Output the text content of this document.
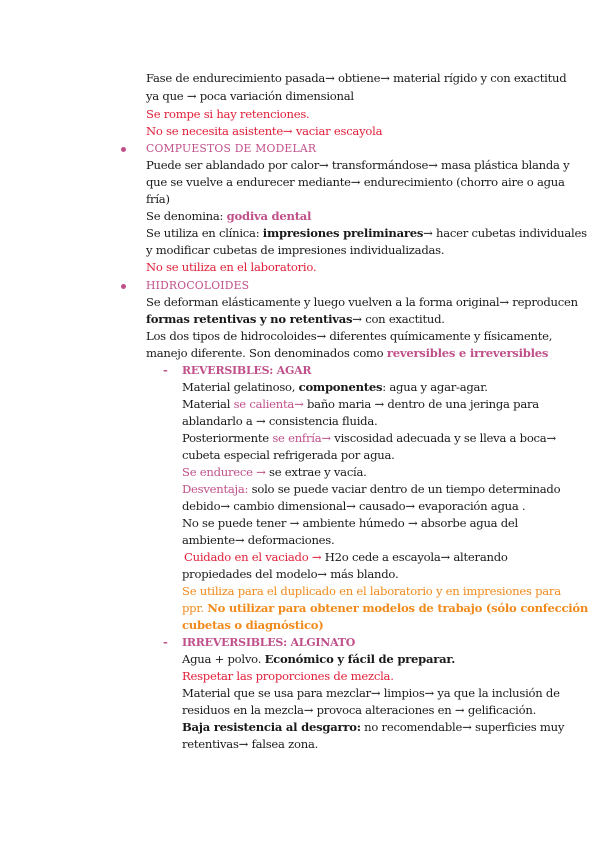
Fase de endurecimiento pasada→ obtiene→ material rígido y con exactitud
ya que → poca variación dimensional
Se rompe si hay retenciones.
No se necesita asistente→ vaciar escayola
COMPUESTOS DE MODELAR
Puede ser ablandado por calor→ transformándose→ masa plástica blanda y
que se vuelve a endurecer mediante→ endurecimiento (chorro aire o agua
fría)
Se denomina: godiva dental
Se utiliza en clínica: impresiones preliminares→ hacer cubetas individuales
y modificar cubetas de impresiones individualizadas.
No se utiliza en el laboratorio.
HIDROCOLOIDES
Se deforman elásticamente y luego vuelven a la forma original→ reproducen
formas retentivas y no retentivas→ con exactitud.
Los dos tipos de hidrocoloides→ diferentes químicamente y físicamente,
manejo diferente. Son denominados como reversibles e irreversibles
- REVERSIBLES: AGAR
Material gelatinoso, componentes: agua y agar-agar.
Material se calienta→ baño maria → dentro de una jeringa para
ablandarlo a → consistencia fluida.
Posteriormente se enfría→ viscosidad adecuada y se lleva a boca→
cubeta especial refrigerada por agua.
Se endurece → se extrae y vacía.
Desventaja: solo se puede vaciar dentro de un tiempo determinado
debido→ cambio dimensional→ causado→ evaporación agua .
No se puede tener → ambiente húmedo → absorbe agua del
ambiente→ deformaciones.
Cuidado en el vaciado → H2o cede a escayola→ alterando
propiedades del modelo→ más blando.
Se utiliza para el duplicado en el laboratorio y en impresiones para
ppr. No utilizar para obtener modelos de trabajo (sólo confección
cubetas o diagnóstico)
- IRREVERSIBLES: ALGINATO
Agua + polvo. Económico y fácil de preparar.
Respetar las proporciones de mezcla.
Material que se usa para mezclar→ limpios→ ya que la inclusión de
residuos en la mezcla→ provoca alteraciones en → gelificación.
Baja resistencia al desgarro: no recomendable→ superficies muy
retentivas→ falsea zona.
